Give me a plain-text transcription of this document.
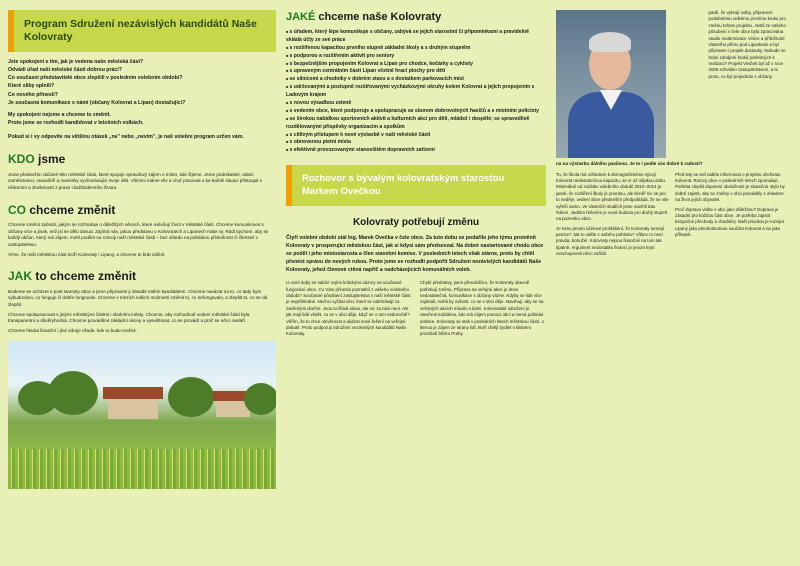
Program Sdružení nezávislých kandidátů Naše Kolovraty

Jste spokojeni s tím, jak je vedena naše městská část?

Odvádí úřad naší městské části dobrou práci?

Co současní představitelé obce zlepšili v posledním volebním období?

Které sliby splnili?

Co nového přinesli?

Je současná komunikace s námi (občany Kolovrat a Lipan) dostačující?

My spokojeni nejsme a chceme to změnit.

Proto jsme se rozhodli kandidovat v letošních volbách.

Pokud si i vy odpovíte na většinu otázek „ne" nebo „nevím", je naš volební program určen vám.

KDO jsme

Jsme především občané této městské části, které spojuje opravdový zájem o místo, kde žijeme. Jsme podnikatelé, státní zaměstnanci, manažeři a maminky vychovávající svoje děti. Všichni máme vliv a chuť pracovat a ke každé situaci přistoupit s vědomím a zkušeností z praxe i každodenního života.

CO chceme změnit

Chceme změnit způsob, jakým se rozhoduje o důležitých věcech, které ovlivňují život v městské části. Chceme komunikovat s občany více a jinak, než jsi se dělo dosud. Zajímá nás, jakou představu o Kolovratech a Lipanech máte vy. Rádi bychom, aby se každý občan, který má zájem, mohl podílet na rozvoji naší městské části – bez ohledu na politickou příslušnost či členství v zastupitelstvu.

Víme, že naši městskou část tvoří Kolovraty i Lipany, a chceme to brát vážně.

JAK to chceme změnit

Budeme se ucházet o post starosty obce a jsme připraveni ji obsadit naším kandidátem. Chceme navázat na to, co tady bylo vybudováno, co funguje či dobře fungovalo. Chceme v mezích našich možností změnit to, co nefungovalo, a zlepšit to, co se dá zlepšit.

Chceme spolupracovat s jinými městskými částmi i okolními městy. Chceme, aby rozhodnutí vedení městské části byla transparentní a důvěryhodná. Chceme prováděné základní úkony a vysvětlovat, co se provádí a proč se něco nedaří.

Chceme hledat finanční i jiné zdroje všude, kde to bude možné.

JAKÉ chceme naše Kolovraty
■ s úřadem, který lépe komunikuje s občany, zabývá se jejich starostmi či připomínkami a pravidelně skládá účty ze své práce
■ s rozšířenou kapacitou prvního stupně základní školy a s druhým stupněm
■ s podporou a rozšířením aktivit pro seniory
■ s bezpečnějším propojením Kolovrat a Lipan pro chodce, kočárky a cyklisty
■ s upraveným centrálním částí Lipan včetně hrací plochy pro děti
■ se silnicemi a chodníky v dobrém stavu a s dostatkem parkovacích míst
■ s udržovanými a postupně rozšiřovanými vycházkovými okruhy kolem Kolovrat a jejich propojením s Ladovým krajem
■ s novou výsadbou zeleně
■ s vedením obce, které podporuje a spolupracuje se sborem dobrovolných hasičů a s místními policisty
■ se širokou nabídkou sportovních aktivit a kulturních akcí pro děti, mládež i dospělé; se spravedlivě rozdělovanými příspěvky organizacím a spolkům
■ s citlivým přístupem k nové výstavbě v naší městské části
■ s obnovenou pietní místa
■ s efektivně provozovanými stanovištěm dopravních zařízení
Rozhovor s bývalým kolovratským starostou Markem Ovečkou
Kolovraty potřebují změnu

Čtyři volební období stál Ing. Marek Ovečka v čele obce. Za tuto dobu se podařilo jeho týmu proměnit Kolovraty v prosperující městskou část, jak si kdysi sám předsevzal. Na dobré nastartované chodu obce se podílí i jeho místostarosta a člen stavební komise. V posledních letech však stárne, proto by chtěl přenést správu do nových rukou. Proto jsme se rozhodli podpořit Sdružení nezávislých kandidátů Naše Kolovraty, jehož členové ctěná napříč a nadcházejících komunálních voleb.

U ocelí doby se nabízí svými kritickými názory na současné fungování obce. Co Vám přinesla poznatků z vašeho volebního období? Současné působení zastupitelstva v naší městské části je neprůhledné. Nechci vyčítat věci, které se odehrávají za zavřenými dveřmi. Jsou to líbivá slova, ale nic za nimi není. Ale jak mají lidé vědět, co se v obci děje, když se o tom nedozvědí? Věřím, že to chce otevřenost a ukázat nové řešení na veřejné debatě. Proto podporuji Sdružení nezávislých kandidátů Naše Kolovraty.

Chybí představy, jsem přesvědčen, že Kolovraty obecně potřebují změnu. Příprava na veřejné akce je dnes nedostatečná, komunikace s občany vázne. Kdyby se lidé více zajímali, mohli by ovlivnit, co se v obci děje. Navrhuji, aby se na veřejných akcích mluvilo s lidmi. Kolovratské sdružení je otevřené každému, kdo má zájem pomoci obci a nemá politické ambice. Kolovraty se stali v posledních letech městskou částí, o kterou je zájem ze strany lidí, kteří chtějí bydlet v klidném prostředí blízko Prahy.

na na výstavbu dálního pavilonu. Je to i podle vás dobré k radosti?

padě, že vyhrají volby, připravení podobnému velkému prvnímu kroku pro změnu tohoto projektu. Jestli ze našeho působení v čele obce byla zpracována studie modernizace Vinice a příležitostí vlastního přímo pod Lipankami a byl připraven i projekt dostavby. Nebude se brání zahájení kroků potřebných k realizaci? Projekt Viniček byl až v roce 2006 schválen zastupitelstvem, a to proto, co byl projednán s občany.

To, že škola má vzhledem k demografickému vývoji Kolovrat nedostatečnou kapacitu, se ví už nějakou dobu. Minimálně od začátku volebního období 2010–2014 je jasné, že rozšíření školy je prioritou, ale téměř nic se pro to neděje; vedení obce především předpokládá, že se vše vyřeší samo. Ve vlastních studiích jsme navrhli tato řešení. Jedním řešením je nová budova pro druhý stupeň na pozemku obce.

Je tomu jenom účelové prohlášení, že Kolovraty nemají peníze? Jak to vidíte z vašeho pohledu? Vůbec to není pravda, bohužel. Kolovraty nejsou finančně na tom tak špatně. Argument nedostatku financí je jenom krytí neschopnosti něco zařídit.

Před lety se teď nabíte informovat o projektu obchvatu Kolovrat. Rozvoj obce v posledních letech zpomaluje. Potřeba zlepšit dopravní obslužnost je skutečná. Bylo by dobré zajistit, aby se změny v obci prováděly s ohledem na život jejích obyvatel.

Proč dopravu vidíte v obci jako důležitou? Doprava je zásadní pro každou část obce. Je potřeba zajistit bezpečné přechody a chodníky. Naší prioritou je rozvíjet Lipany jako plnohodnotnou součást Kolovrat a ne jako přílepek.
